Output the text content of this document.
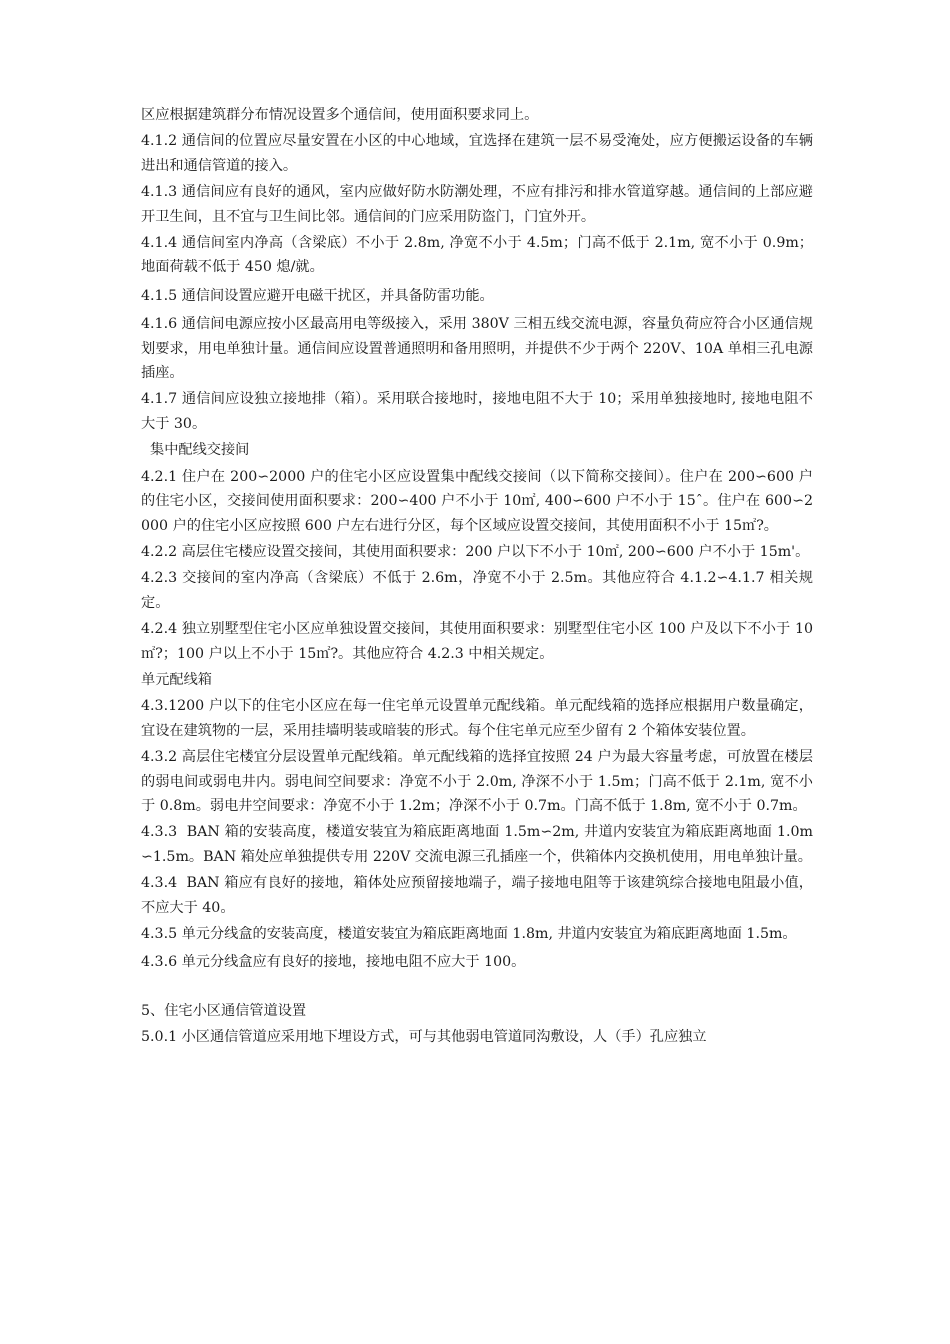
区应根据建筑群分布情况设置多个通信间，使用面积要求同上。

4.1.2 通信间的位置应尽量安置在小区的中心地域，宜选择在建筑一层不易受淹处，应方便搬运设备的车辆进出和通信管道的接入。

4.1.3 通信间应有良好的通风，室内应做好防水防潮处理，不应有排污和排水管道穿越。通信间的上部应避开卫生间，且不宜与卫生间比邻。通信间的门应采用防盗门，门宜外开。

4.1.4 通信间室内净高（含梁底）不小于 2.8m, 净宽不小于 4.5m；门高不低于 2.1m, 宽不小于 0.9m；地面荷载不低于 450 熄/就。

4.1.5 通信间设置应避开电磁干扰区，并具备防雷功能。

4.1.6 通信间电源应按小区最高用电等级接入，采用 380V 三相五线交流电源，容量负荷应符合小区通信规划要求，用电单独计量。通信间应设置普通照明和备用照明，并提供不少于两个 220V、10A 单相三孔电源插座。

4.1.7 通信间应设独立接地排（箱）。采用联合接地时，接地电阻不大于 10；采用单独接地时, 接地电阻不大于 30。

集中配线交接间

4.2.1 住户在 200∽2000 户的住宅小区应设置集中配线交接间（以下简称交接间）。住户在 200∽600 户的住宅小区，交接间使用面积要求：200∽400 户不小于 10㎡, 400∽600 户不小于 15ˆ。住户在 600∽2000 户的住宅小区应按照 600 户左右进行分区，每个区域应设置交接间，其使用面积不小于 15㎡?。

4.2.2 高层住宅楼应设置交接间，其使用面积要求：200 户以下不小于 10㎡, 200∽600 户不小于 15m'。

4.2.3 交接间的室内净高（含梁底）不低于 2.6m，净宽不小于 2.5m。其他应符合 4.1.2∽4.1.7 相关规定。

4.2.4 独立别墅型住宅小区应单独设置交接间，其使用面积要求：别墅型住宅小区 100 户及以下不小于 10㎡?；100 户以上不小于 15㎡?。其他应符合 4.2.3 中相关规定。

单元配线箱

4.3.1200 户以下的住宅小区应在每一住宅单元设置单元配线箱。单元配线箱的选择应根据用户数量确定，宜设在建筑物的一层，采用挂墙明装或暗装的形式。每个住宅单元应至少留有 2 个箱体安装位置。

4.3.2 高层住宅楼宜分层设置单元配线箱。单元配线箱的选择宜按照 24 户为最大容量考虑，可放置在楼层的弱电间或弱电井内。弱电间空间要求：净宽不小于 2.0m, 净深不小于 1.5m；门高不低于 2.1m, 宽不小于 0.8m。弱电井空间要求：净宽不小于 1.2m；净深不小于 0.7m。门高不低于 1.8m, 宽不小于 0.7m。

4.3.3  BAN 箱的安装高度，楼道安装宜为箱底距离地面 1.5m∽2m, 井道内安装宜为箱底距离地面 1.0m∽1.5m。BAN 箱处应单独提供专用 220V 交流电源三孔插座一个，供箱体内交换机使用，用电单独计量。

4.3.4  BAN 箱应有良好的接地，箱体处应预留接地端子，端子接地电阻等于该建筑综合接地电阻最小值，不应大于 40。

4.3.5 单元分线盒的安装高度，楼道安装宜为箱底距离地面 1.8m, 井道内安装宜为箱底距离地面 1.5m。

4.3.6 单元分线盒应有良好的接地，接地电阻不应大于 100。

5、住宅小区通信管道设置

5.0.1 小区通信管道应采用地下埋设方式，可与其他弱电管道同沟敷设，人（手）孔应独立
